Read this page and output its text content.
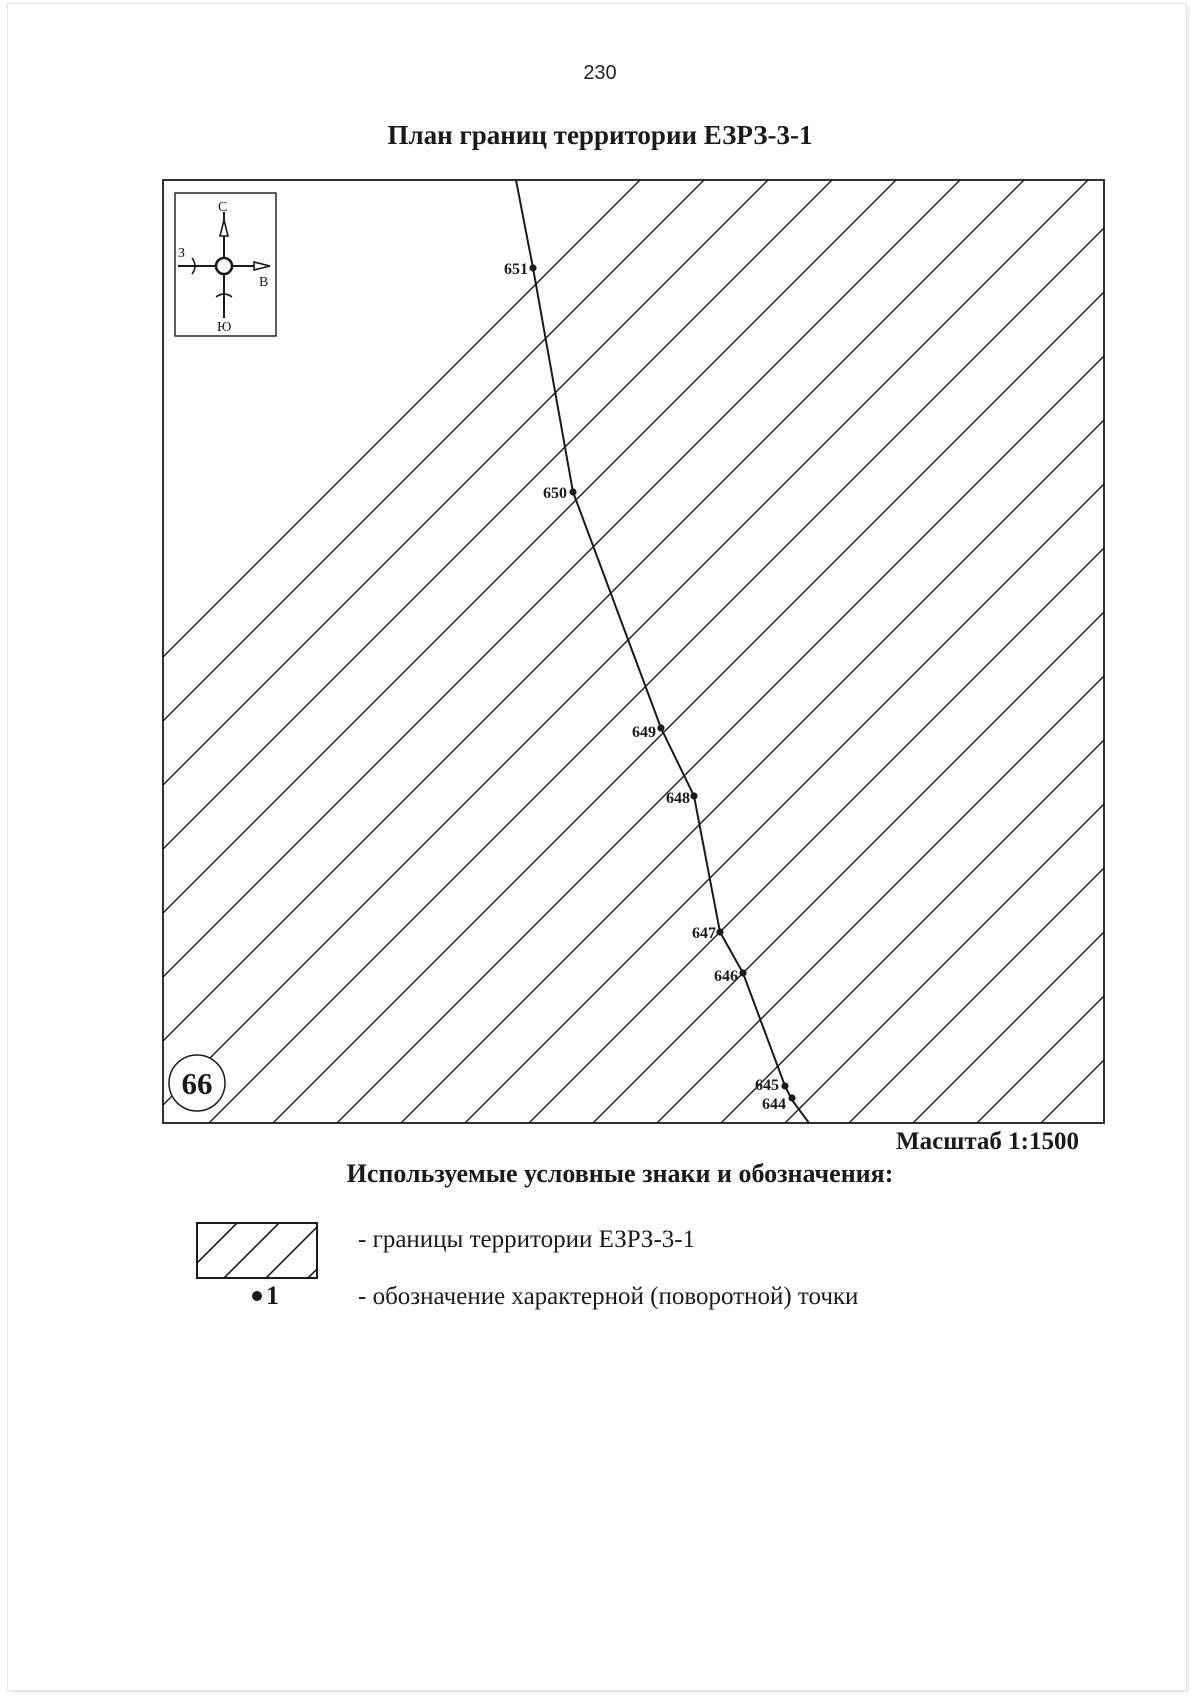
230
План границ территории ЕЗРЗ-3-1
С
З
В
Ю
66
651
650
649
648
647
646
645
644
1
Масштаб 1:1500
Используемые условные знаки и обозначения:
- границы территории ЕЗРЗ-3-1
- обозначение характерной (поворотной) точки
